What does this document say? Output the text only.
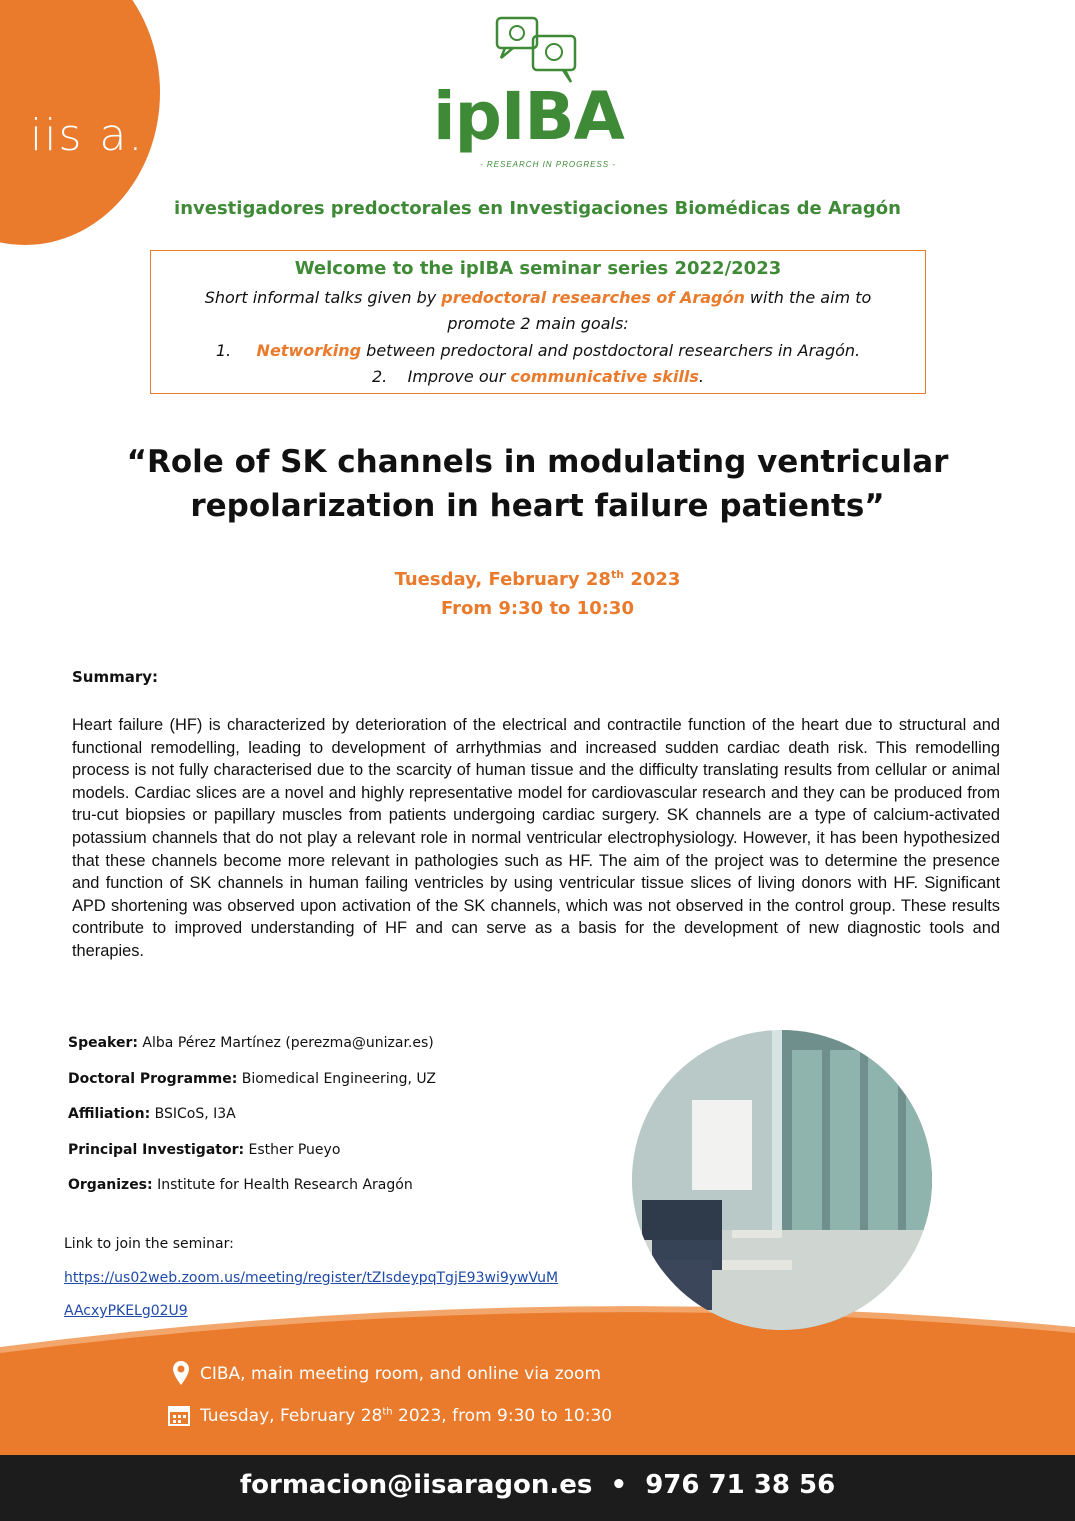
iis a.	ipIBA
- RESEARCH IN PROGRESS -
investigadores predoctorales en Investigaciones Biomédicas de Aragón
Welcome to the ipIBA seminar series 2022/2023
Short informal talks given by predoctoral researches of Aragón with the aim to
promote 2 main goals:
1. Networking between predoctoral and postdoctoral researchers in Aragón.
2. Improve our communicative skills.
“Role of SK channels in modulating ventricular
repolarization in heart failure patients”
Tuesday, February 28th 2023
From 9:30 to 10:30
Summary:
Heart failure (HF) is characterized by deterioration of the electrical and contractile function of the heart due to structural and functional remodelling, leading to development of arrhythmias and increased sudden cardiac death risk. This remodelling process is not fully characterised due to the scarcity of human tissue and the difficulty translating results from cellular or animal models. Cardiac slices are a novel and highly representative model for cardiovascular research and they can be produced from tru-cut biopsies or papillary muscles from patients undergoing cardiac surgery. SK channels are a type of calcium-activated potassium channels that do not play a relevant role in normal ventricular electrophysiology. However, it has been hypothesized that these channels become more relevant in pathologies such as HF. The aim of the project was to determine the presence and function of SK channels in human failing ventricles by using ventricular tissue slices of living donors with HF. Significant APD shortening was observed upon activation of the SK channels, which was not observed in the control group. These results contribute to improved understanding of HF and can serve as a basis for the development of new diagnostic tools and therapies.
Speaker: Alba Pérez Martínez (perezma@unizar.es)
Doctoral Programme: Biomedical Engineering, UZ
Affiliation: BSICoS, I3A
Principal Investigator: Esther Pueyo
Organizes: Institute for Health Research Aragón
Link to join the seminar:
https://us02web.zoom.us/meeting/register/tZIsdeypqTgjE93wi9ywVuM
AAcxyPKELg02U9
CIBA, main meeting room, and online via zoom
Tuesday, February 28th 2023, from 9:30 to 10:30
formacion@iisaragon.es • 976 71 38 56
